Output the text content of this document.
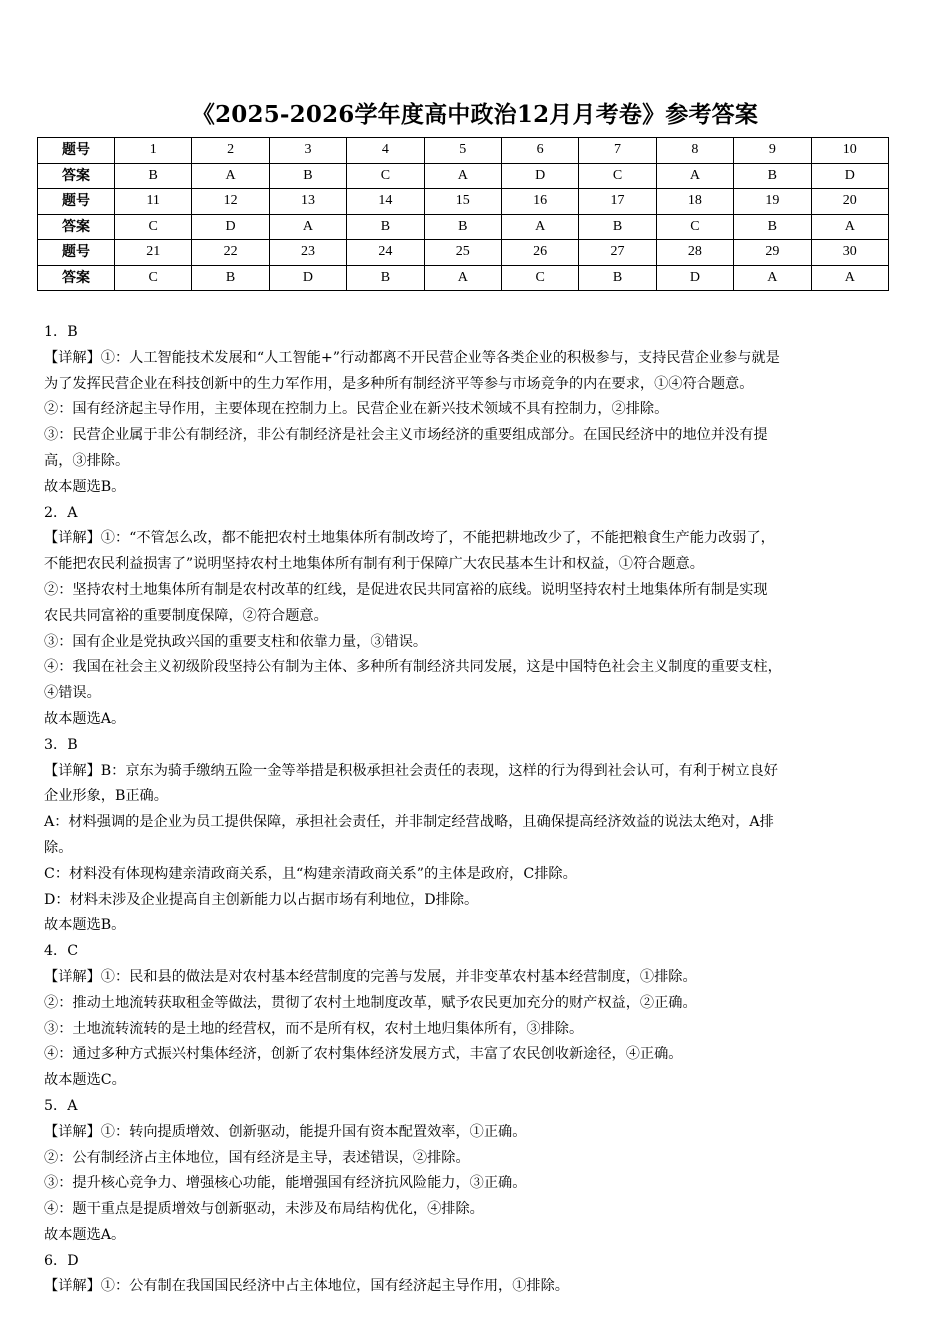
《2025-2026学年度高中政治12月月考卷》参考答案
题号	1	2	3	4	5	6	7	8	9	10
答案	B	A	B	C	A	D	C	A	B	D
题号	11	12	13	14	15	16	17	18	19	20
答案	C	D	A	B	B	A	B	C	B	A
题号	21	22	23	24	25	26	27	28	29	30
答案	C	B	D	B	A	C	B	D	A	A

1．B

【详解】①：人工智能技术发展和“人工智能+”行动都离不开民营企业等各类企业的积极参与，支持民营企业参与就是

为了发挥民营企业在科技创新中的生力军作用，是多种所有制经济平等参与市场竞争的内在要求，①④符合题意。

②：国有经济起主导作用，主要体现在控制力上。民营企业在新兴技术领域不具有控制力，②排除。

③：民营企业属于非公有制经济，非公有制经济是社会主义市场经济的重要组成部分。在国民经济中的地位并没有提

高，③排除。

故本题选B。

2．A

【详解】①：“不管怎么改，都不能把农村土地集体所有制改垮了，不能把耕地改少了，不能把粮食生产能力改弱了，

不能把农民利益损害了”说明坚持农村土地集体所有制有利于保障广大农民基本生计和权益，①符合题意。

②：坚持农村土地集体所有制是农村改革的红线，是促进农民共同富裕的底线。说明坚持农村土地集体所有制是实现

农民共同富裕的重要制度保障，②符合题意。

③：国有企业是党执政兴国的重要支柱和依靠力量，③错误。

④：我国在社会主义初级阶段坚持公有制为主体、多种所有制经济共同发展，这是中国特色社会主义制度的重要支柱，

④错误。

故本题选A。

3．B

【详解】B：京东为骑手缴纳五险一金等举措是积极承担社会责任的表现，这样的行为得到社会认可，有利于树立良好

企业形象，B正确。

A：材料强调的是企业为员工提供保障，承担社会责任，并非制定经营战略，且确保提高经济效益的说法太绝对，A排

除。

C：材料没有体现构建亲清政商关系，且“构建亲清政商关系”的主体是政府，C排除。

D：材料未涉及企业提高自主创新能力以占据市场有利地位，D排除。

故本题选B。

4．C

【详解】①：民和县的做法是对农村基本经营制度的完善与发展，并非变革农村基本经营制度，①排除。

②：推动土地流转获取租金等做法，贯彻了农村土地制度改革，赋予农民更加充分的财产权益，②正确。

③：土地流转流转的是土地的经营权，而不是所有权，农村土地归集体所有，③排除。

④：通过多种方式振兴村集体经济，创新了农村集体经济发展方式，丰富了农民创收新途径，④正确。

故本题选C。

5．A

【详解】①：转向提质增效、创新驱动，能提升国有资本配置效率，①正确。

②：公有制经济占主体地位，国有经济是主导，表述错误，②排除。

③：提升核心竞争力、增强核心功能，能增强国有经济抗风险能力，③正确。

④：题干重点是提质增效与创新驱动，未涉及布局结构优化，④排除。

故本题选A。

6．D

【详解】①：公有制在我国国民经济中占主体地位，国有经济起主导作用，①排除。
